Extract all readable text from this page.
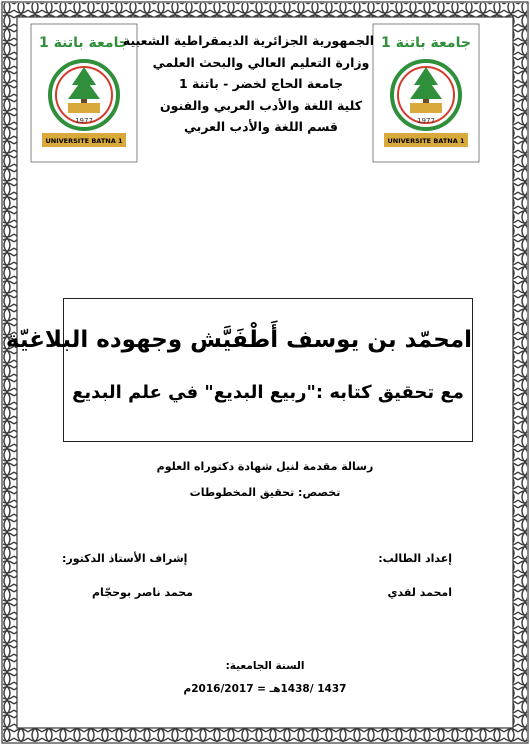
1977
جامعة باتنة 1
UNIVERSITE BATNA 1
1977
جامعة باتنة 1
UNIVERSITE BATNA 1
الجمهورية الجزائرية الديمقراطية الشعبية
وزارة التعليم العالي والبحث العلمي
جامعة الحاج لخضر - باتنة 1
كلية اللغة والأدب العربي والفنون
قسم اللغة والأدب العربي
امحمّد بن يوسف أَطْفَيَّش وجهوده البلاغيّة
مع تحقيق كتابه :"ربيع البديع" في علم البديع
رسالة مقدمة لنيل شهادة دكتوراه العلوم
تخصص: تحقيق المخطوطات
إعداد الطالب:
امحمد لقدي
إشراف الأستاذ الدكتور:
محمد ناصر بوحجّام
السنة الجامعية:
1437 /1438هـ = 2016/2017م
